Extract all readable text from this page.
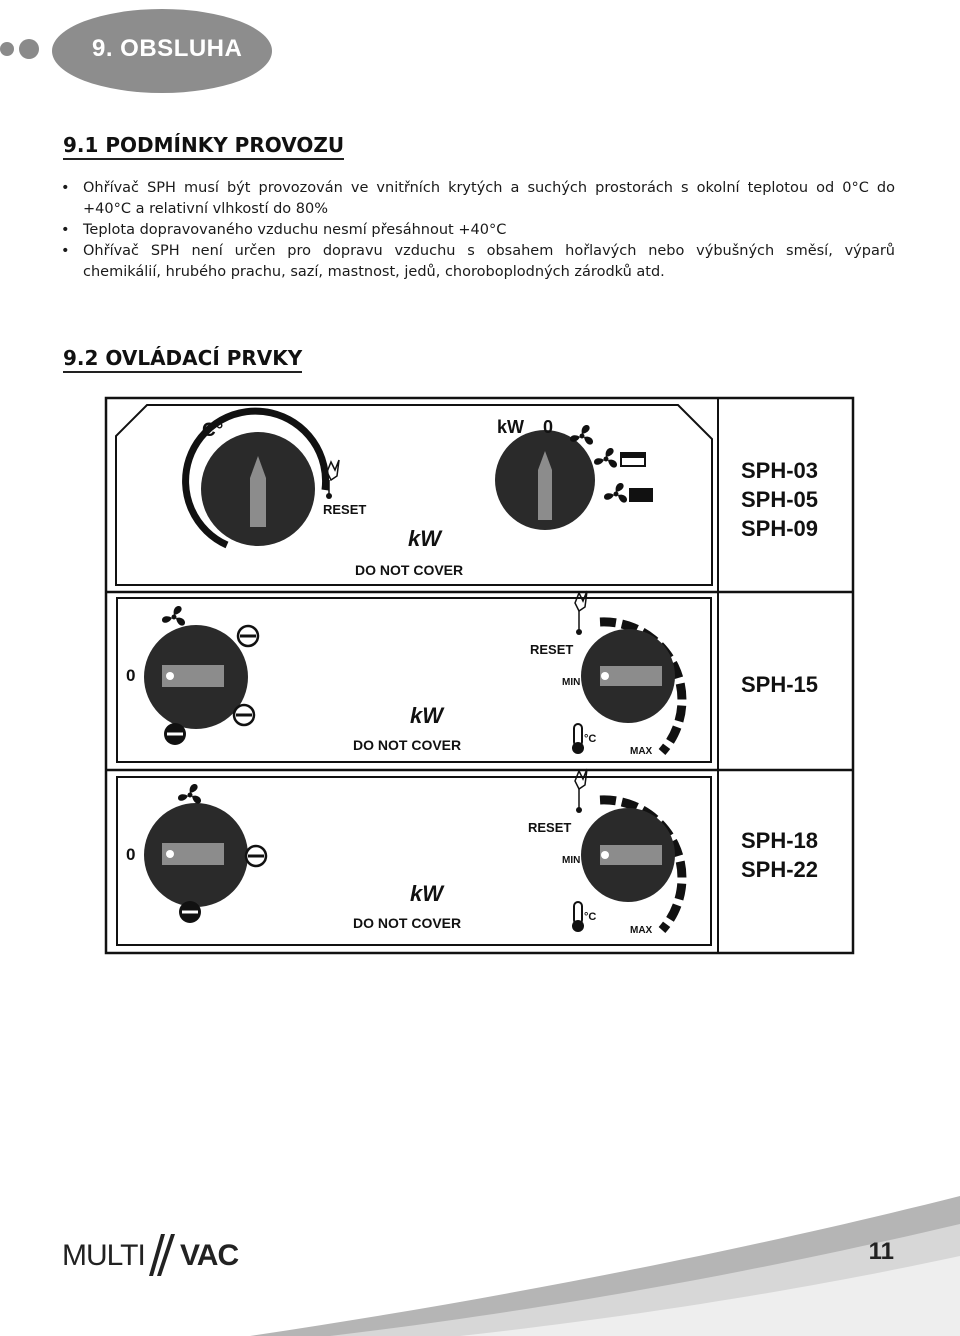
9. OBSLUHA
9.1 PODMÍNKY PROVOZU
• Ohřívač SPH musí být provozován ve vnitřních krytých a suchých prostorách s okolní teplotou od 0°C do
+40°C a relativní vlhkostí do 80%
• Teplota dopravovaného vzduchu nesmí přesáhnout +40°C
• Ohřívač SPH není určen pro dopravu vzduchu s obsahem hořlavých nebo výbušných směsí, výparů
chemikálií, hrubého prachu, sazí, mastnost, jedů, choroboplodných zárodků atd.
9.2 OVLÁDACÍ PRVKY
C°	kW 0
RESET
kW
DO NOT COVER
SPH-03
SPH-05
SPH-09
0
RESET
MIN
MAX
°C
kW
DO NOT COVER
SPH-15
0
RESET
MIN
MAX
°C
kW
DO NOT COVER
SPH-18
SPH-22
MULTI VAC	11
